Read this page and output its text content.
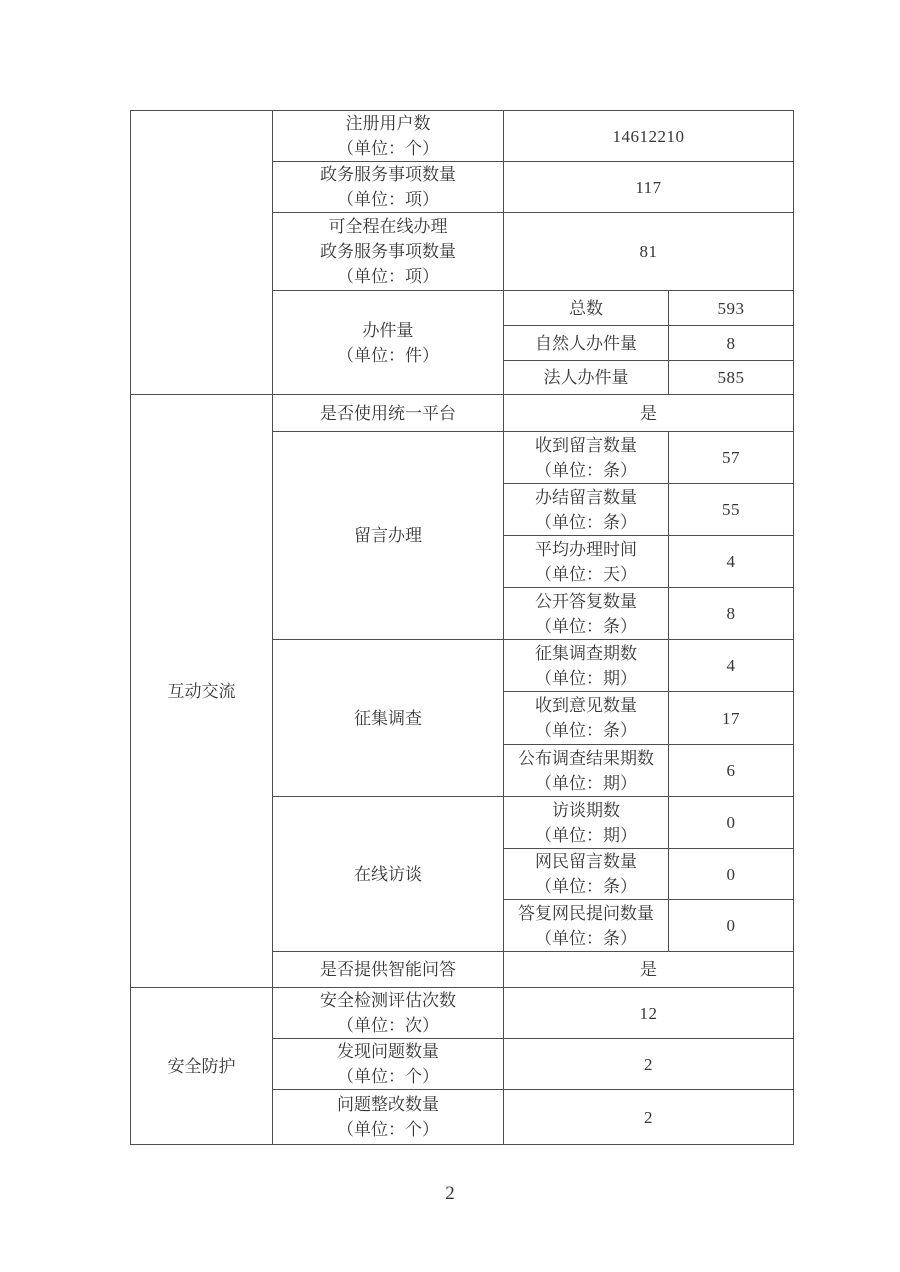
	注册用户数
（单位：个）	14612210	

	政务服务事项数量
（单位：项）	117	

	可全程在线办理
政务服务事项数量
（单位：项）	81	

	办件量
（单位：件）	总数	593
		自然人办件量	8
		法人办件量	585
互动交流	是否使用统一平台	是	
	留言办理	收到留言数量
（单位：条）	57

		办结留言数量
（单位：条）	55

		平均办理时间
（单位：天）	4

		公开答复数量
（单位：条）	8
	征集调查	征集调查期数
（单位：期）	4

		收到意见数量
（单位：条）	17

		公布调查结果期数
（单位：期）	6
	在线访谈	访谈期数
（单位：期）	0

		网民留言数量
（单位：条）	0

		答复网民提问数量
（单位：条）	0
	是否提供智能问答	是	
安全防护	安全检测评估次数
（单位：次）	12	

	发现问题数量
（单位：个）	2	

	问题整改数量
（单位：个）	2	
2
